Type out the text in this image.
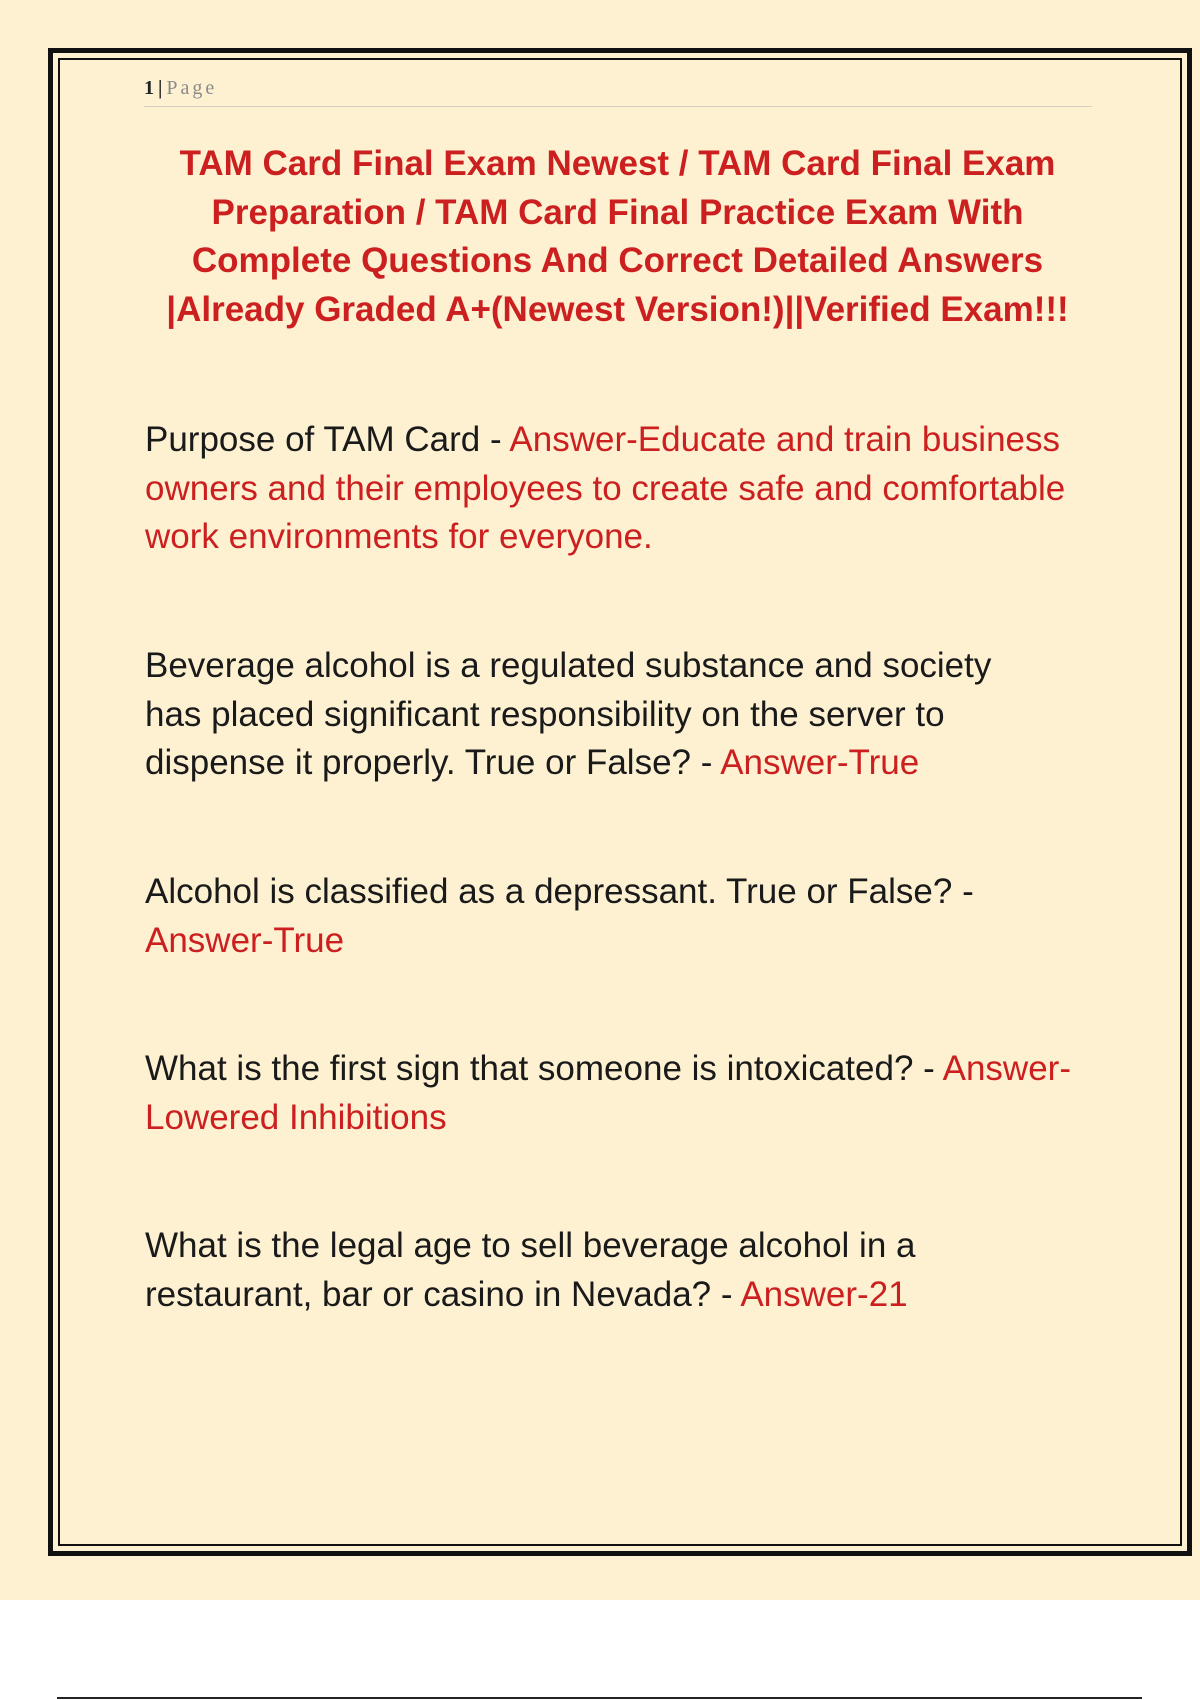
1 | Page
TAM Card Final Exam Newest / TAM Card Final Exam Preparation / TAM Card Final Practice Exam With Complete Questions And Correct Detailed Answers |Already Graded A+(Newest Version!)||Verified Exam!!!

Purpose of TAM Card - Answer-Educate and train business owners and their employees to create safe and comfortable work environments for everyone.

Beverage alcohol is a regulated substance and society has placed significant responsibility on the server to dispense it properly. True or False? - Answer-True

Alcohol is classified as a depressant. True or False? - Answer-True

What is the first sign that someone is intoxicated? - Answer-Lowered Inhibitions

What is the legal age to sell beverage alcohol in a restaurant, bar or casino in Nevada? - Answer-21
